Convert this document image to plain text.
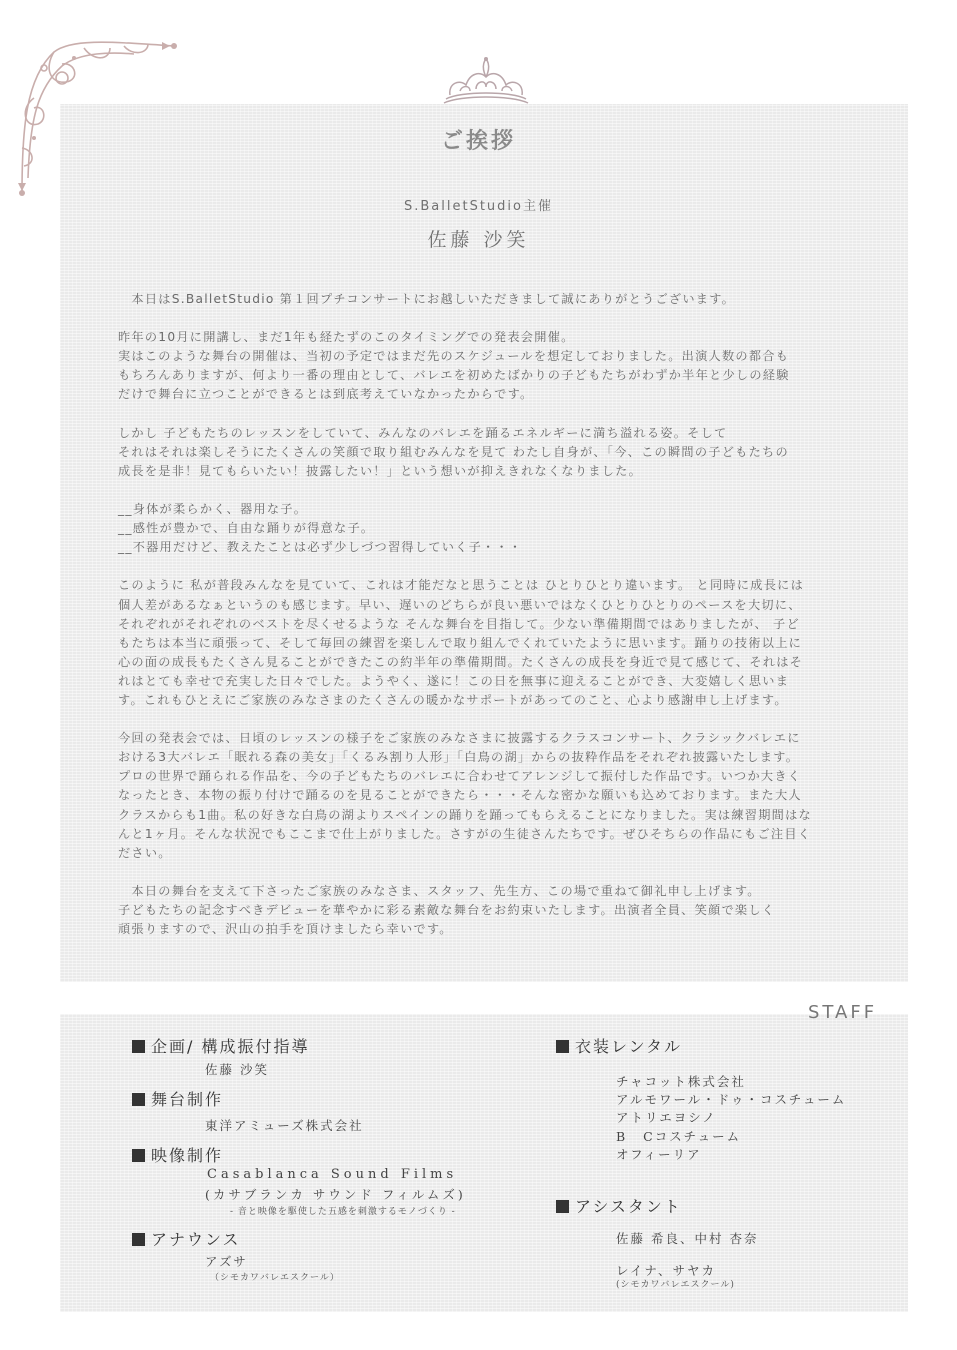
ご挨拶
S.BalletStudio主催
佐藤 沙笑

　本日はS.BalletStudio 第１回プチコンサートにお越しいただきまして誠にありがとうございます。

昨年の10月に開講し、まだ1年も経たずのこのタイミングでの発表会開催。
実はこのような舞台の開催は、当初の予定ではまだ先のスケジュールを想定しておりました。出演人数の都合も
もちろんありますが、何より一番の理由として、バレエを初めたばかりの子どもたちがわずか半年と少しの経験
だけで舞台に立つことができるとは到底考えていなかったからです。

しかし 子どもたちのレッスンをしていて、みんなのバレエを踊るエネルギーに満ち溢れる姿。そして
それはそれは楽しそうにたくさんの笑顔で取り組むみんなを見て わたし自身が、「今、この瞬間の子どもたちの
成長を是非！見てもらいたい！披露したい！」という想いが抑えきれなくなりました。

__身体が柔らかく、器用な子。
__感性が豊かで、自由な踊りが得意な子。
__不器用だけど、教えたことは必ず少しづつ習得していく子・・・

このように 私が普段みんなを見ていて、これは才能だなと思うことは ひとりひとり違います。 と同時に成長には
個人差があるなぁというのも感じます。早い、遅いのどちらが良い悪いではなくひとりひとりのペースを大切に、
それぞれがそれぞれのベストを尽くせるような そんな舞台を目指して。少ない準備期間ではありましたが、 子ど
もたちは本当に頑張って、そして毎回の練習を楽しんで取り組んでくれていたように思います。踊りの技術以上に
心の面の成長もたくさん見ることができたこの約半年の準備期間。たくさんの成長を身近で見て感じて、それはそ
れはとても幸せで充実した日々でした。ようやく、遂に！この日を無事に迎えることができ、大変嬉しく思いま
す。これもひとえにご家族のみなさまのたくさんの暖かなサポートがあってのこと、心より感謝申し上げます。

今回の発表会では、日頃のレッスンの様子をご家族のみなさまに披露するクラスコンサート、クラシックバレエに
おける3大バレエ「眠れる森の美女」「くるみ割り人形」「白鳥の湖」からの抜粋作品をそれぞれ披露いたします。
プロの世界で踊られる作品を、今の子どもたちのバレエに合わせてアレンジして振付した作品です。いつか大きく
なったとき、本物の振り付けで踊るのを見ることができたら・・・そんな密かな願いも込めております。また大人
クラスからも1曲。私の好きな白鳥の湖よりスペインの踊りを踊ってもらえることになりました。実は練習期間はな
んと1ヶ月。そんな状況でもここまで仕上がりました。さすがの生徒さんたちです。ぜひそちらの作品にもご注目く
ださい。

　本日の舞台を支えて下さったご家族のみなさま、スタッフ、先生方、この場で重ねて御礼申し上げます。
子どもたちの記念すべきデビューを華やかに彩る素敵な舞台をお約束いたします。出演者全員、笑顔で楽しく
頑張りますので、沢山の拍手を頂けましたら幸いです。

STAFF
企画/ 構成振付指導
佐藤 沙笑
舞台制作
東洋アミューズ株式会社
映像制作
Casablanca Sound Films
(カサブランカ サウンド フィルムズ)
- 音と映像を駆使した五感を刺激するモノづくり -
アナウンス
アズサ
（シモカワバレエスクール）
衣装レンタル
チャコット株式会社
アルモワール・ドゥ・コスチューム
アトリエヨシノ
B Cコスチューム
オフィーリア
アシスタント
佐藤 希良、中村 杏奈
レイナ、サヤカ
(シモカワバレエスクール)
